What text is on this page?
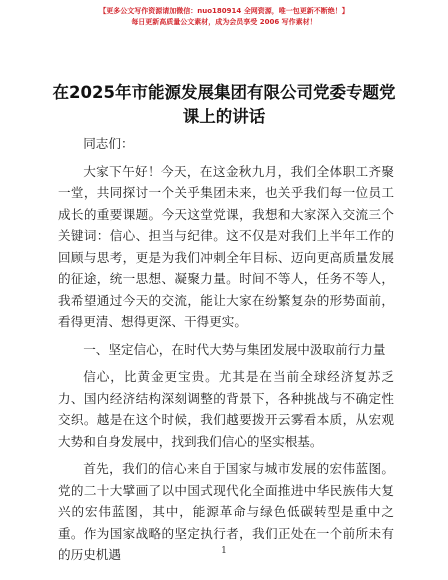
【更多公文写作资源请加微信：nuo180914 全网资源，唯一包更新不断绝！】
每日更新高质量公文素材，成为会员享受 2006 写作素材！
在2025年市能源发展集团有限公司党委专题党
课上的讲话

同志们：

大家下午好！今天，在这金秋九月，我们全体职工齐聚一堂，共同探讨一个关乎集团未来，也关乎我们每一位员工成长的重要课题。今天这堂党课，我想和大家深入交流三个关键词：信心、担当与纪律。这不仅是对我们上半年工作的回顾与思考，更是为我们冲刺全年目标、迈向更高质量发展的征途，统一思想、凝聚力量。时间不等人，任务不等人，我希望通过今天的交流，能让大家在纷繁复杂的形势面前，看得更清、想得更深、干得更实。

一、坚定信心，在时代大势与集团发展中汲取前行力量

信心，比黄金更宝贵。尤其是在当前全球经济复苏乏力、国内经济结构深刻调整的背景下，各种挑战与不确定性交织。越是在这个时候，我们越要拨开云雾看本质，从宏观大势和自身发展中，找到我们信心的坚实根基。

首先，我们的信心来自于国家与城市发展的宏伟蓝图。党的二十大擘画了以中国式现代化全面推进中华民族伟大复兴的宏伟蓝图，其中，能源革命与绿色低碳转型是重中之重。作为国家战略的坚定执行者，我们正处在一个前所未有的历史机遇	1
